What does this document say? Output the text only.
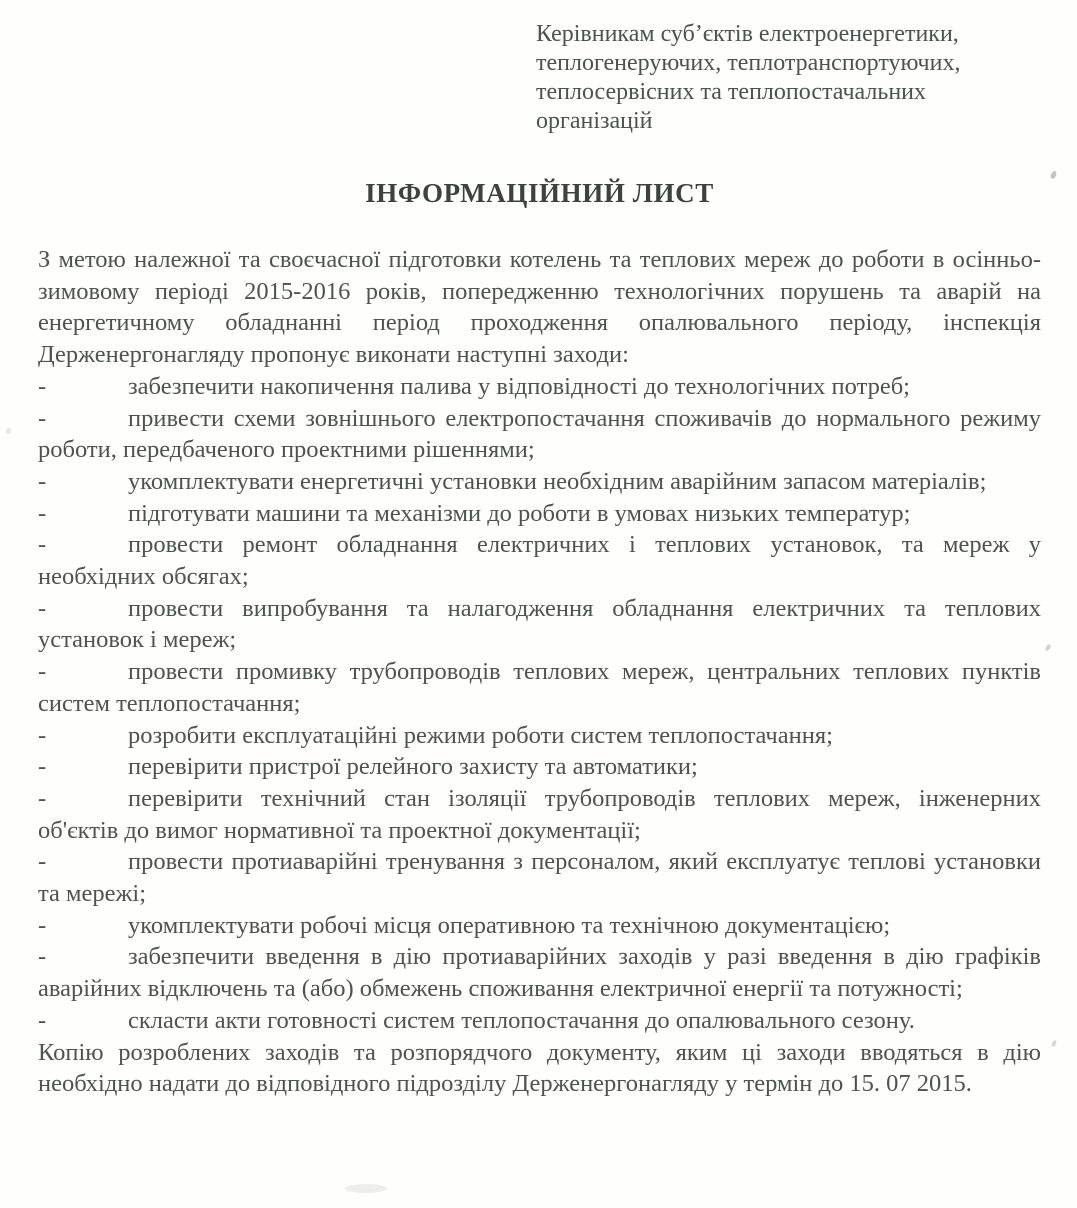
Керівникам суб’єктів електроенергетики,
теплогенеруючих, теплотранспортуючих,
теплосервісних та теплопостачальних
організацій
ІНФОРМАЦІЙНИЙ ЛИСТ

З метою належної та своєчасної підготовки котелень та теплових мереж до роботи в осінньо-зимовому періоді 2015-2016 років, попередженню технологічних порушень та аварій на енергетичному обладнанні період проходження опалювального періоду, інспекція Держенергонагляду пропонує виконати наступні заходи:

-	забезпечити накопичення палива у відповідності до технологічних потреб;

-	привести схеми зовнішнього електропостачання споживачів до нормального режиму роботи, передбаченого проектними рішеннями;

-	укомплектувати енергетичні установки необхідним аварійним запасом матеріалів;

-	підготувати машини та механізми до роботи в умовах низьких температур;

-	провести ремонт обладнання електричних і теплових установок, та мереж у необхідних обсягах;

-	провести випробування та налагодження обладнання електричних та теплових установок і мереж;

-	провести промивку трубопроводів теплових мереж, центральних теплових пунктів систем теплопостачання;

-	розробити експлуатаційні режими роботи систем теплопостачання;

-	перевірити пристрої релейного захисту та автоматики;

-	перевірити технічний стан ізоляції трубопроводів теплових мереж, інженерних об'єктів до вимог нормативної та проектної документації;

-	провести протиаварійні тренування з персоналом, який експлуатує теплові установки та мережі;

-	укомплектувати робочі місця оперативною та технічною документацією;

-	забезпечити введення в дію протиаварійних заходів у разі введення в дію графіків аварійних відключень та (або) обмежень споживання електричної енергії та потужності;

-	скласти акти готовності систем теплопостачання до опалювального сезону.

Копію розроблених заходів та розпорядчого документу, яким ці заходи вводяться в дію необхідно надати до відповідного підрозділу Держенергонагляду у термін до 15. 07 2015.
